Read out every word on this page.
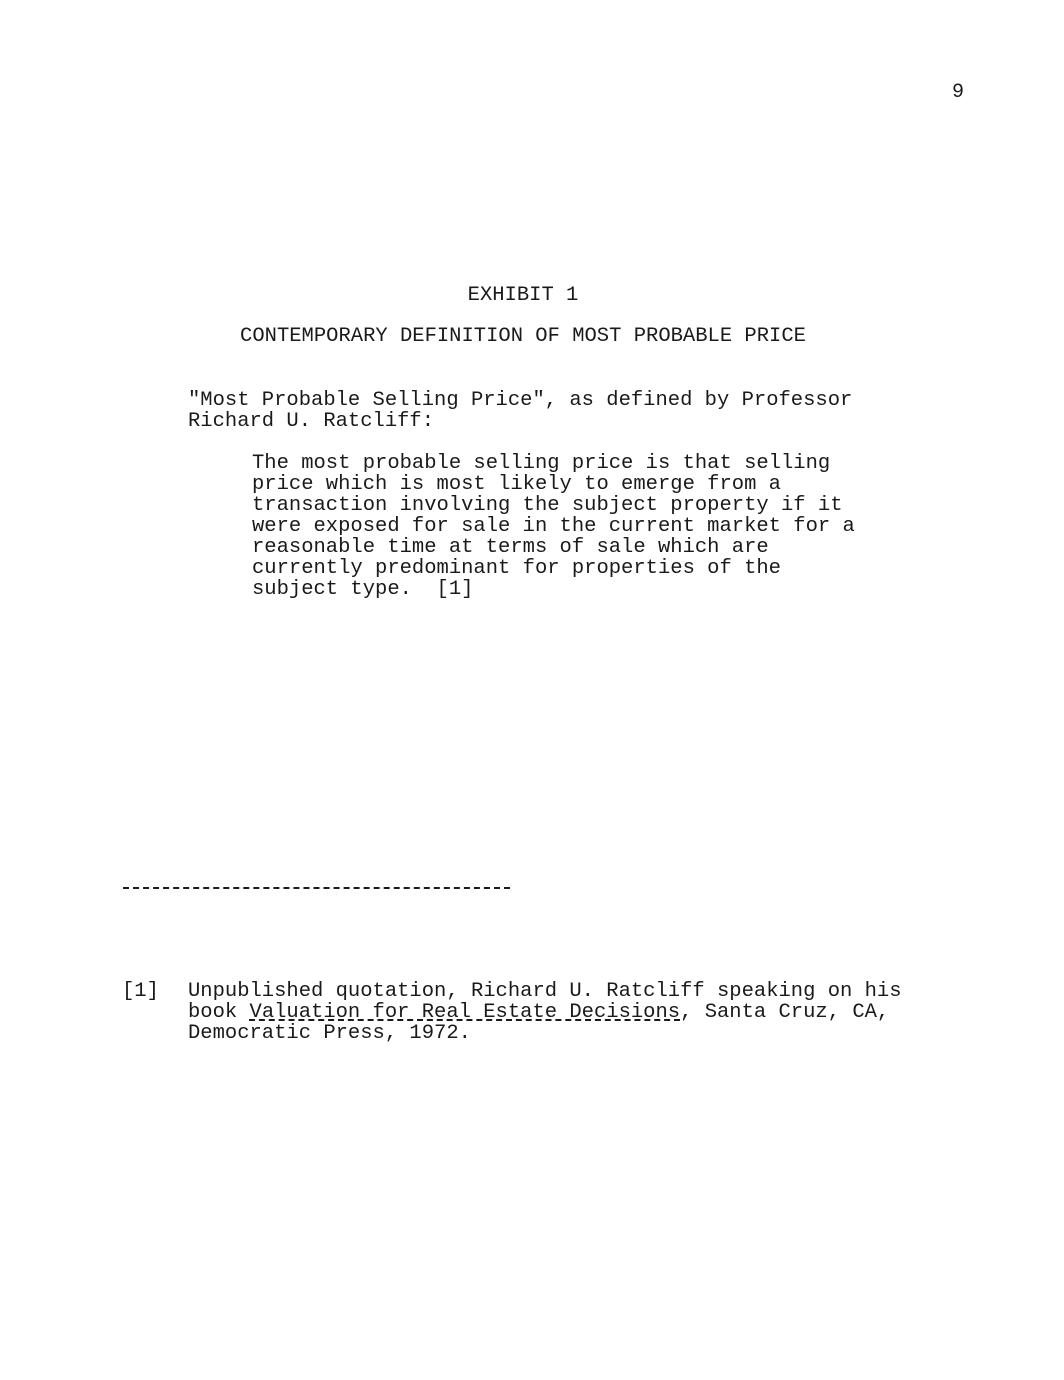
9
EXHIBIT 1
CONTEMPORARY DEFINITION OF MOST PROBABLE PRICE
"Most Probable Selling Price", as defined by Professor
Richard U. Ratcliff:
The most probable selling price is that selling
price which is most likely to emerge from a
transaction involving the subject property if it
were exposed for sale in the current market for a
reasonable time at terms of sale which are
currently predominant for properties of the
subject type.  [1]
[1] Unpublished quotation, Richard U. Ratcliff speaking on his
book Valuation for Real Estate Decisions, Santa Cruz, CA,
Democratic Press, 1972.
